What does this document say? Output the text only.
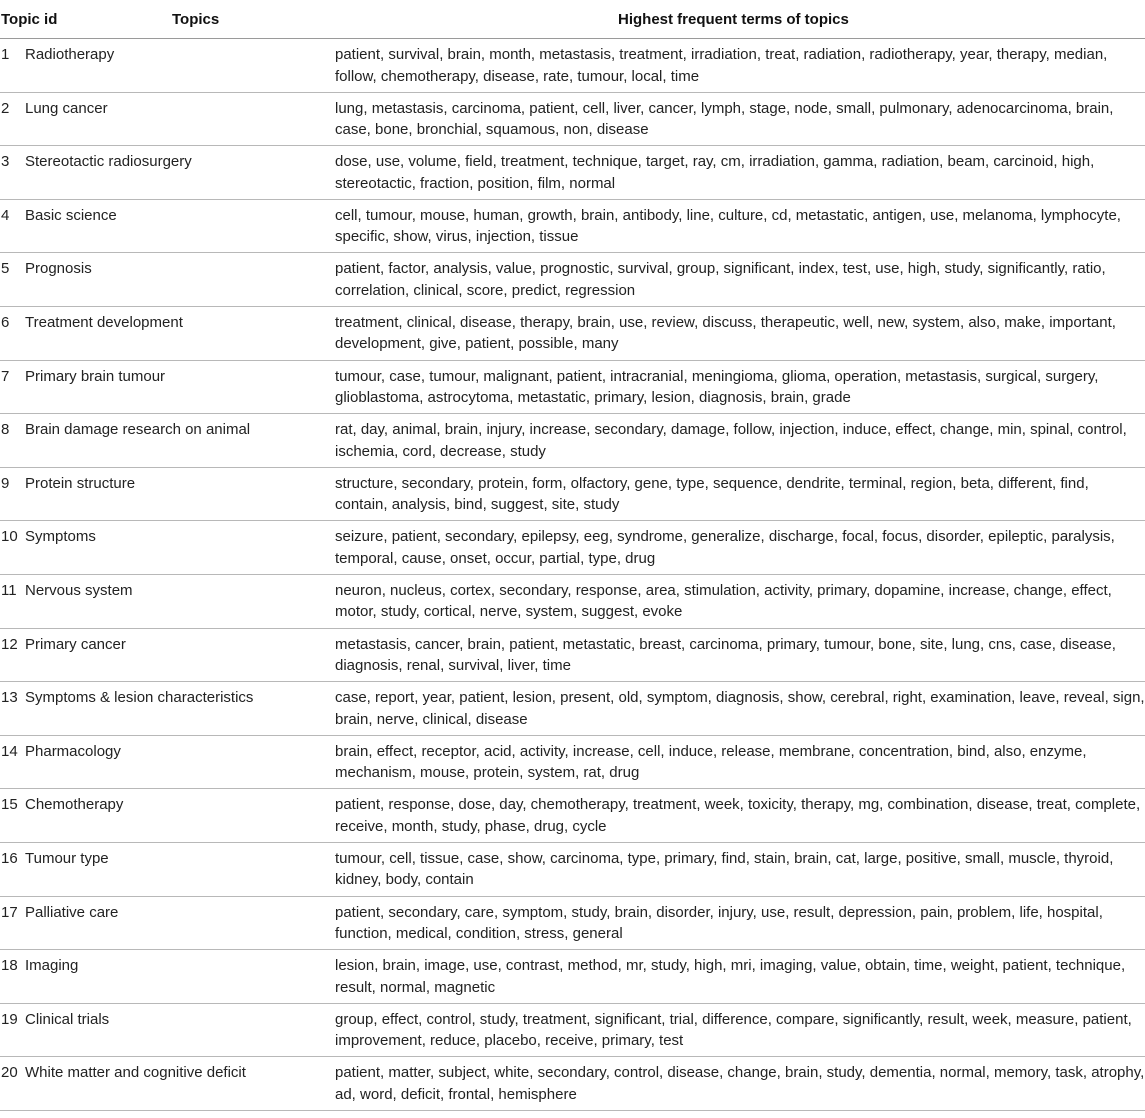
Topic id	Topics	Highest frequent terms of topics
1	Radiotherapy	patient, survival, brain, month, metastasis, treatment, irradiation, treat, radiation, radiotherapy, year, therapy, median, follow, chemotherapy, disease, rate, tumour, local, time
2	Lung cancer	lung, metastasis, carcinoma, patient, cell, liver, cancer, lymph, stage, node, small, pulmonary, adenocarcinoma, brain, case, bone, bronchial, squamous, non, disease
3	Stereotactic radiosurgery	dose, use, volume, field, treatment, technique, target, ray, cm, irradiation, gamma, radiation, beam, carcinoid, high, stereotactic, fraction, position, film, normal
4	Basic science	cell, tumour, mouse, human, growth, brain, antibody, line, culture, cd, metastatic, antigen, use, melanoma, lymphocyte, specific, show, virus, injection, tissue
5	Prognosis	patient, factor, analysis, value, prognostic, survival, group, significant, index, test, use, high, study, significantly, ratio, correlation, clinical, score, predict, regression
6	Treatment development	treatment, clinical, disease, therapy, brain, use, review, discuss, therapeutic, well, new, system, also, make, important, development, give, patient, possible, many
7	Primary brain tumour	tumour, case, tumour, malignant, patient, intracranial, meningioma, glioma, operation, metastasis, surgical, surgery, glioblastoma, astrocytoma, metastatic, primary, lesion, diagnosis, brain, grade
8	Brain damage research on animal	rat, day, animal, brain, injury, increase, secondary, damage, follow, injection, induce, effect, change, min, spinal, control, ischemia, cord, decrease, study
9	Protein structure	structure, secondary, protein, form, olfactory, gene, type, sequence, dendrite, terminal, region, beta, different, find, contain, analysis, bind, suggest, site, study
10	Symptoms	seizure, patient, secondary, epilepsy, eeg, syndrome, generalize, discharge, focal, focus, disorder, epileptic, paralysis, temporal, cause, onset, occur, partial, type, drug
11	Nervous system	neuron, nucleus, cortex, secondary, response, area, stimulation, activity, primary, dopamine, increase, change, effect, motor, study, cortical, nerve, system, suggest, evoke
12	Primary cancer	metastasis, cancer, brain, patient, metastatic, breast, carcinoma, primary, tumour, bone, site, lung, cns, case, disease, diagnosis, renal, survival, liver, time
13	Symptoms & lesion characteristics	case, report, year, patient, lesion, present, old, symptom, diagnosis, show, cerebral, right, examination, leave, reveal, sign, brain, nerve, clinical, disease
14	Pharmacology	brain, effect, receptor, acid, activity, increase, cell, induce, release, membrane, concentration, bind, also, enzyme, mechanism, mouse, protein, system, rat, drug
15	Chemotherapy	patient, response, dose, day, chemotherapy, treatment, week, toxicity, therapy, mg, combination, disease, treat, complete, receive, month, study, phase, drug, cycle
16	Tumour type	tumour, cell, tissue, case, show, carcinoma, type, primary, find, stain, brain, cat, large, positive, small, muscle, thyroid, kidney, body, contain
17	Palliative care	patient, secondary, care, symptom, study, brain, disorder, injury, use, result, depression, pain, problem, life, hospital, function, medical, condition, stress, general
18	Imaging	lesion, brain, image, use, contrast, method, mr, study, high, mri, imaging, value, obtain, time, weight, patient, technique, result, normal, magnetic
19	Clinical trials	group, effect, control, study, treatment, significant, trial, difference, compare, significantly, result, week, measure, patient, improvement, reduce, placebo, receive, primary, test
20	White matter and cognitive deficit	patient, matter, subject, white, secondary, control, disease, change, brain, study, dementia, normal, memory, task, atrophy, ad, word, deficit, frontal, hemisphere
